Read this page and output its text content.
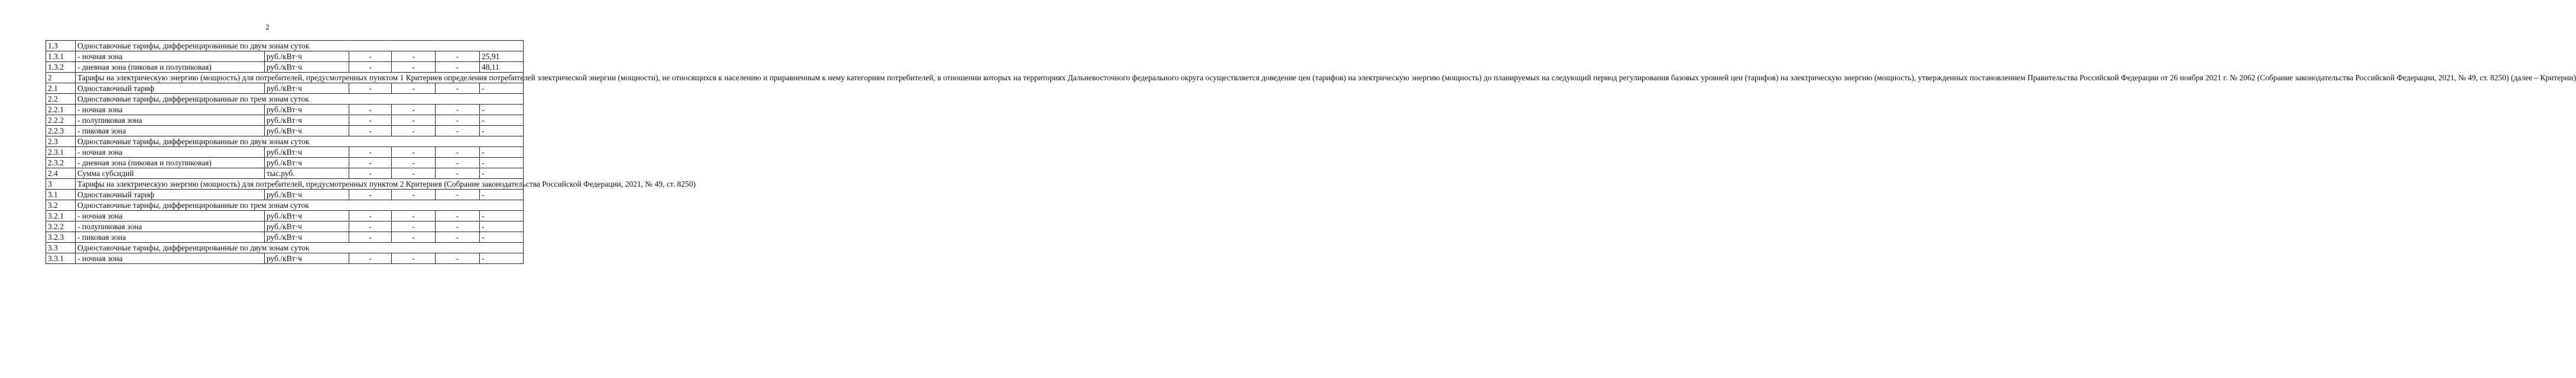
2
1.3	Одноставочные тарифы, дифференцированные по двум зонам суток					
1.3.1	- ночная зона	руб./кВт·ч	-	-	-	25,91
1.3.2	- дневная зона (пиковая и полупиковая)	руб./кВт·ч	-	-	-	48,11
2	Тарифы на электрическую энергию (мощность) для потребителей, предусмотренных пунктом 1 Критериев определения потребителей электрической энергии (мощности), не относящихся к населению и приравненным к нему категориям потребителей, в отношении которых на территориях Дальневосточного федерального округа осуществляется доведение цен (тарифов) на электрическую энергию (мощность) до планируемых на следующий период регулирования базовых уровней цен (тарифов) на электрическую энергию (мощность), утвержденных постановлением Правительства Российской Федерации от 26 ноября 2021 г. № 2062 (Собрание законодательства Российской Федерации, 2021, № 49, ст. 8250) (далее – Критерии)					
2.1	Одноставочный тариф	руб./кВт·ч	-	-	-	-
2.2	Одноставочные тарифы, дифференцированные по трем зонам суток					
2.2.1	- ночная зона	руб./кВт·ч	-	-	-	-
2.2.2	- полупиковая зона	руб./кВт·ч	-	-	-	-
2.2.3	- пиковая зона	руб./кВт·ч	-	-	-	-
2.3	Одноставочные тарифы, дифференцированные по двум зонам суток					
2.3.1	- ночная зона	руб./кВт·ч	-	-	-	-
2.3.2	- дневная зона (пиковая и полупиковая)	руб./кВт·ч	-	-	-	-
2.4	Сумма субсидий	тыс.руб.	-	-	-	-
3	Тарифы на электрическую энергию (мощность) для потребителей, предусмотренных пунктом 2 Критериев (Собрание законодательства Российской Федерации, 2021, № 49, ст. 8250)					
3.1	Одноставочный тариф	руб./кВт·ч	-	-	-	-
3.2	Одноставочные тарифы, дифференцированные по трем зонам суток					
3.2.1	- ночная зона	руб./кВт·ч	-	-	-	-
3.2.2	- полупиковая зона	руб./кВт·ч	-	-	-	-
3.2.3	- пиковая зона	руб./кВт·ч	-	-	-	-
3.3	Одноставочные тарифы, дифференцированные по двум зонам суток					
3.3.1	- ночная зона	руб./кВт·ч	-	-	-	-
